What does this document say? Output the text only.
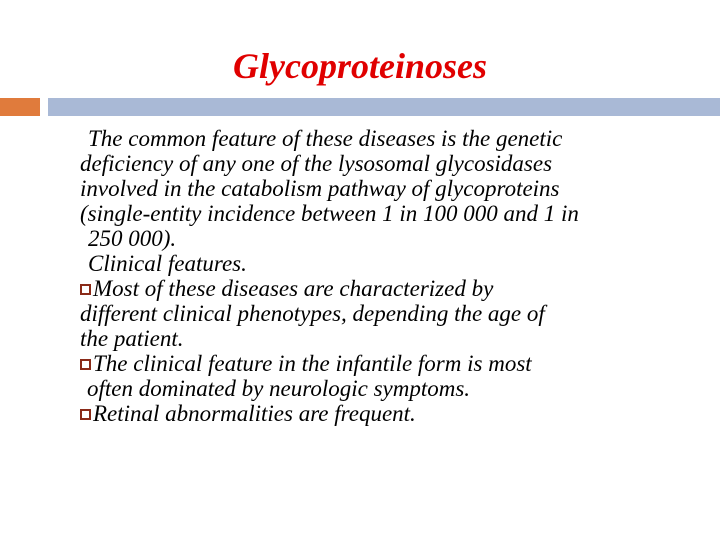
Glycoproteinoses
The common feature of these diseases is the genetic
deficiency of any one of the lysosomal glycosidases
involved in the catabolism pathway of glycoproteins
(single-entity incidence between 1 in 100 000 and 1 in
250 000).
Clinical features.
Most of these diseases are characterized by
different clinical phenotypes, depending the age of
the patient.
The clinical feature in the infantile form is most
often dominated by neurologic symptoms.
Retinal abnormalities are frequent.
